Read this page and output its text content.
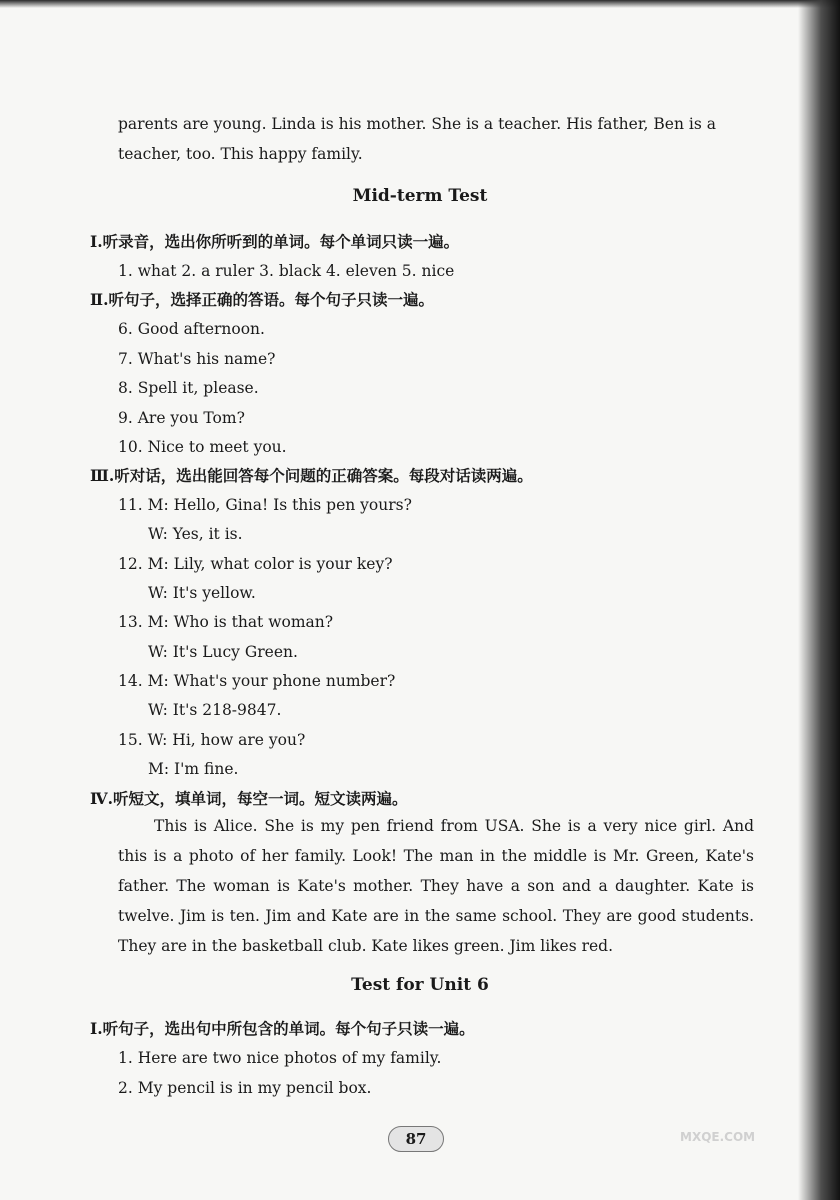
parents are young. Linda is his mother. She is a teacher. His father, Ben is a
teacher, too. This happy family.
Mid-term Test
Ⅰ.听录音，选出你所听到的单词。每个单词只读一遍。
1. what 2. a ruler 3. black 4. eleven 5. nice
Ⅱ.听句子，选择正确的答语。每个句子只读一遍。
6. Good afternoon.
7. What's his name?
8. Spell it, please.
9. Are you Tom?
10. Nice to meet you.
Ⅲ.听对话，选出能回答每个问题的正确答案。每段对话读两遍。
11. M: Hello, Gina! Is this pen yours?
W: Yes, it is.
12. M: Lily, what color is your key?
W: It's yellow.
13. M: Who is that woman?
W: It's Lucy Green.
14. M: What's your phone number?
W: It's 218-9847.
15. W: Hi, how are you?
M: I'm fine.
Ⅳ.听短文，填单词，每空一词。短文读两遍。
This is Alice. She is my pen friend from USA. She is a very nice girl. And this is a photo of her family. Look! The man in the middle is Mr. Green, Kate's father. The woman is Kate's mother. They have a son and a daughter. Kate is twelve. Jim is ten. Jim and Kate are in the same school. They are good students. They are in the basketball club. Kate likes green. Jim likes red.
Test for Unit 6
Ⅰ.听句子，选出句中所包含的单词。每个句子只读一遍。
1. Here are two nice photos of my family.
2. My pencil is in my pencil box.
87	MXQE.COM
